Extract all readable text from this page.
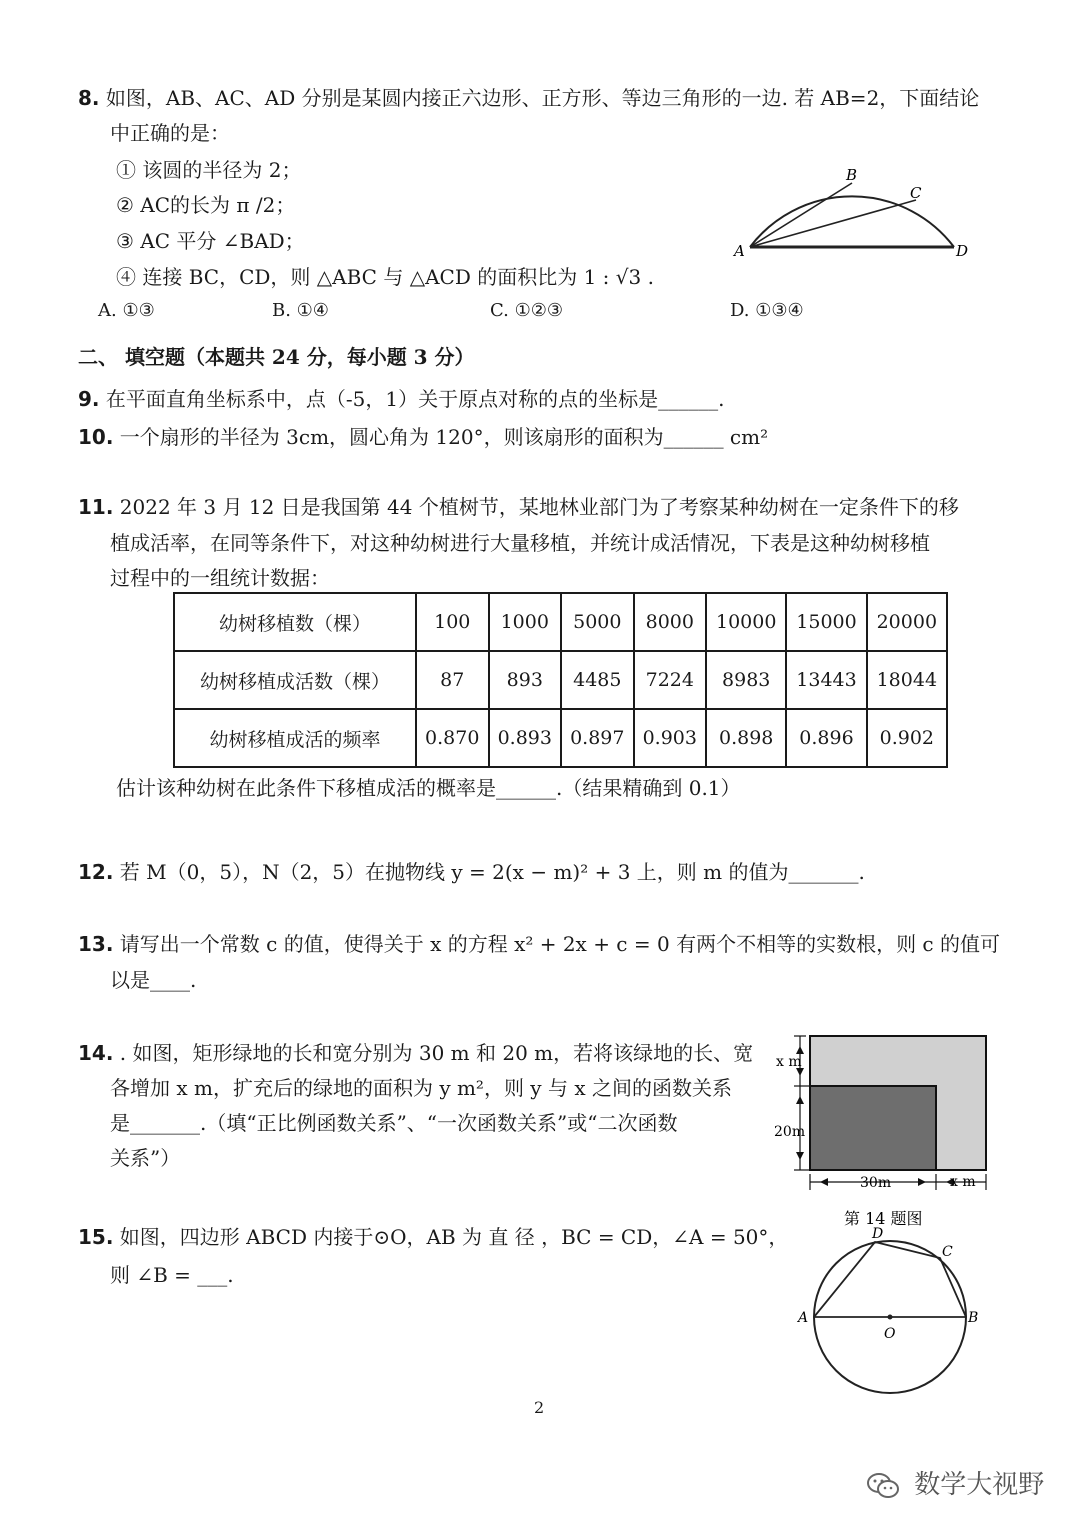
8. 如图，AB、AC、AD 分别是某圆内接正六边形、正方形、等边三角形的一边. 若 AB=2，下面结论
中正确的是：
① 该圆的半径为 2；
② AC的长为 π /2；
③ AC 平分 ∠BAD；
④ 连接 BC，CD，则 △ABC 与 △ACD 的面积比为 1 : √3 .
A. ①③	B. ①④	C. ①②③	D. ①③④
A
B
C
D
二、 填空题（本题共 24 分，每小题 3 分）
9. 在平面直角坐标系中，点（-5，1）关于原点对称的点的坐标是______.
10. 一个扇形的半径为 3cm，圆心角为 120°，则该扇形的面积为______ cm²
11. 2022 年 3 月 12 日是我国第 44 个植树节，某地林业部门为了考察某种幼树在一定条件下的移
植成活率，在同等条件下，对这种幼树进行大量移植，并统计成活情况，下表是这种幼树移植
过程中的一组统计数据：
幼树移植数（棵）	100	1000	5000	8000	10000	15000	20000
幼树移植成活数（棵）	87	893	4485	7224	8983	13443	18044
幼树移植成活的频率	0.870	0.893	0.897	0.903	0.898	0.896	0.902
估计该种幼树在此条件下移植成活的概率是______.（结果精确到 0.1）
12. 若 M（0，5），N（2，5）在抛物线 y = 2(x − m)² + 3 上，则 m 的值为_______.
13. 请写出一个常数 c 的值，使得关于 x 的方程 x² + 2x + c = 0 有两个不相等的实数根，则 c 的值可
以是____.
14. . 如图，矩形绿地的长和宽分别为 30 m 和 20 m，若将该绿地的长、宽
各增加 x m，扩充后的绿地的面积为 y m²，则 y 与 x 之间的函数关系
是_______.（填“正比例函数关系”、“一次函数关系”或“二次函数
关系”）
x m
20m
30m	x m
第 14 题图
15. 如图，四边形 ABCD 内接于⊙O，AB 为 直 径 ，BC = CD，∠A = 50°，
则 ∠B = ___.
A	B
C
D
O
2
数学大视野
